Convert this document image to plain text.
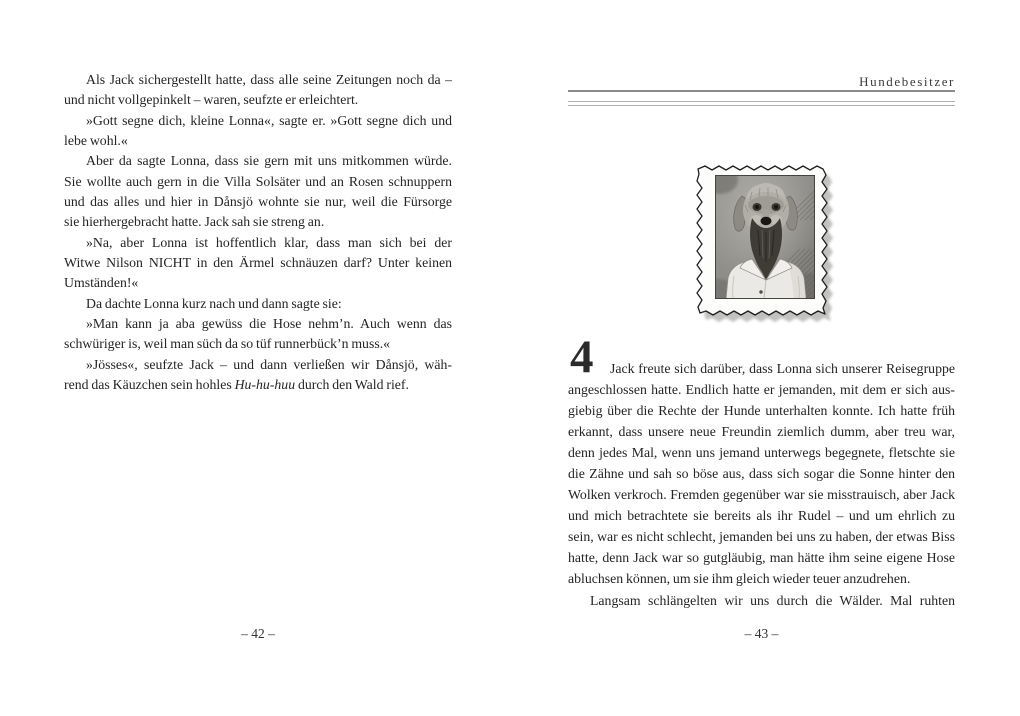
Als Jack sichergestellt hatte, dass alle seine Zeitungen noch da –
und nicht vollgepinkelt – waren, seufzte er erleichtert.
»Gott segne dich, kleine Lonna«, sagte er. »Gott segne dich und
lebe wohl.«
Aber da sagte Lonna, dass sie gern mit uns mitkommen würde.
Sie wollte auch gern in die Villa Solsäter und an Rosen schnuppern
und das alles und hier in Dånsjö wohnte sie nur, weil die Fürsorge
sie hierhergebracht hatte. Jack sah sie streng an.
»Na, aber Lonna ist hoffentlich klar, dass man sich bei der
Witwe Nilson NICHT in den Ärmel schnäuzen darf? Unter keinen
Umständen!«
Da dachte Lonna kurz nach und dann sagte sie:
»Man kann ja aba gewüss die Hose nehm’n. Auch wenn das
schwüriger is, weil man süch da so tüf runnerbück’n muss.«
»Jösses«, seufzte Jack – und dann verließen wir Dånsjö, wäh-
rend das Käuzchen sein hohles Hu-hu-huu durch den Wald rief.
– 42 –
Hundebesitzer
4	Jack freute sich darüber, dass Lonna sich unserer Reisegruppe
angeschlossen hatte. Endlich hatte er jemanden, mit dem er sich aus-
giebig über die Rechte der Hunde unterhalten konnte. Ich hatte früh
erkannt, dass unsere neue Freundin ziemlich dumm, aber treu war,
denn jedes Mal, wenn uns jemand unterwegs begegnete, fletschte sie
die Zähne und sah so böse aus, dass sich sogar die Sonne hinter den
Wolken verkroch. Fremden gegenüber war sie misstrauisch, aber Jack
und mich betrachtete sie bereits als ihr Rudel – und um ehrlich zu
sein, war es nicht schlecht, jemanden bei uns zu haben, der etwas Biss
hatte, denn Jack war so gutgläubig, man hätte ihm seine eigene Hose
abluchsen können, um sie ihm gleich wieder teuer anzudrehen.
Langsam schlängelten wir uns durch die Wälder. Mal ruhten
– 43 –
